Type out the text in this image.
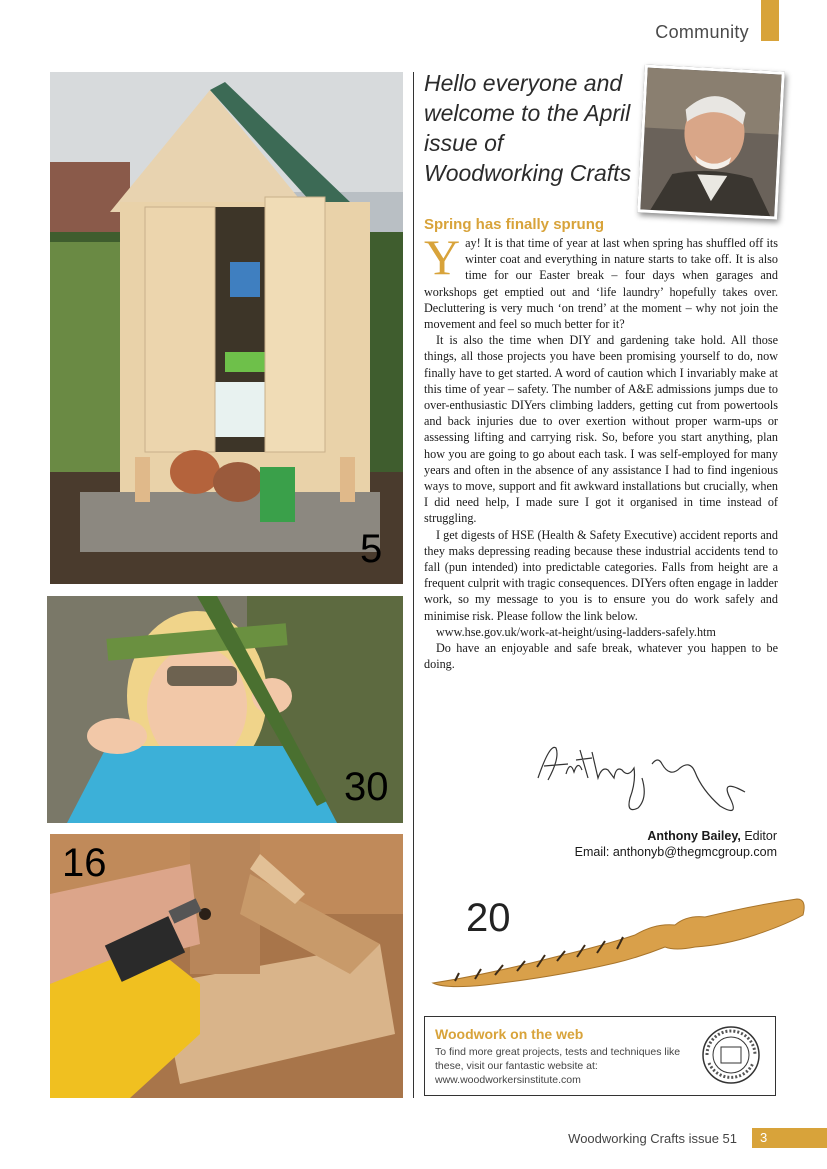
Community
5
30
16
Hello everyone and welcome to the April issue of Woodworking Crafts
Spring has finally sprung

Yay! It is that time of year at last when spring has shuffled off its winter coat and everything in nature starts to take off. It is also time for our Easter break – four days when garages and workshops get emptied out and ‘life laundry’ hopefully takes over. Decluttering is very much ‘on trend’ at the moment – why not join the movement and feel so much better for it?

It is also the time when DIY and gardening take hold. All those things, all those projects you have been promising yourself to do, now finally have to get started. A word of caution which I invariably make at this time of year – safety. The number of A&E admissions jumps due to over-enthusiastic DIYers climbing ladders, getting cut from powertools and back injuries due to over exertion without proper warm-ups or assessing lifting and carrying risk. So, before you start anything, plan how you are going to go about each task. I was self-employed for many years and often in the absence of any assistance I had to find ingenious ways to move, support and fit awkward installations but crucially, when I did need help, I made sure I got it organised in time instead of struggling.

I get digests of HSE (Health & Safety Executive) accident reports and they maks depressing reading because these industrial accidents tend to fall (pun intended) into predictable categories. Falls from height are a frequent culprit with tragic consequences. DIYers often engage in ladder work, so my message to you is to ensure you do work safely and minimise risk. Please follow the link below.

www.hse.gov.uk/work-at-height/using-ladders-safely.htm

Do have an enjoyable and safe break, whatever you happen to be doing.

Anthony Bailey, Editor
Email: anthonyb@thegmcgroup.com
20
Woodwork on the web
To find more great projects, tests and techniques like
these, visit our fantastic website at:
www.woodworkersinstitute.com
Woodworking Crafts issue 51 3
